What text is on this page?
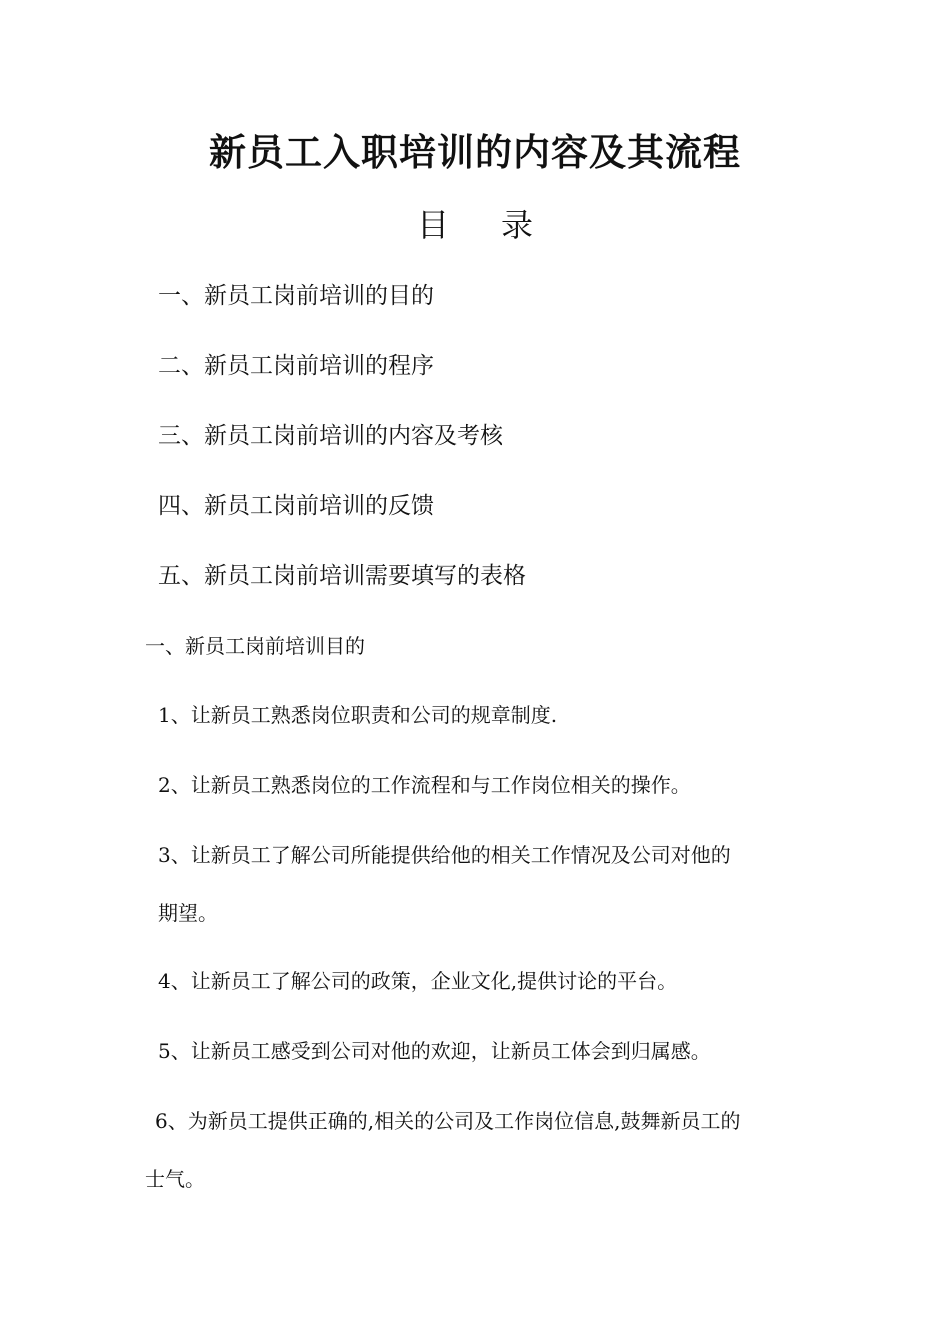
新员工入职培训的内容及其流程
目 录

一、新员工岗前培训的目的

二、新员工岗前培训的程序

三、新员工岗前培训的内容及考核

四、新员工岗前培训的反馈

五、新员工岗前培训需要填写的表格

一、新员工岗前培训目的

1、让新员工熟悉岗位职责和公司的规章制度.

2、让新员工熟悉岗位的工作流程和与工作岗位相关的操作。

3、让新员工了解公司所能提供给他的相关工作情况及公司对他的

期望。

4、让新员工了解公司的政策，企业文化,提供讨论的平台。

5、让新员工感受到公司对他的欢迎，让新员工体会到归属感。

6、为新员工提供正确的,相关的公司及工作岗位信息,鼓舞新员工的

士气。
